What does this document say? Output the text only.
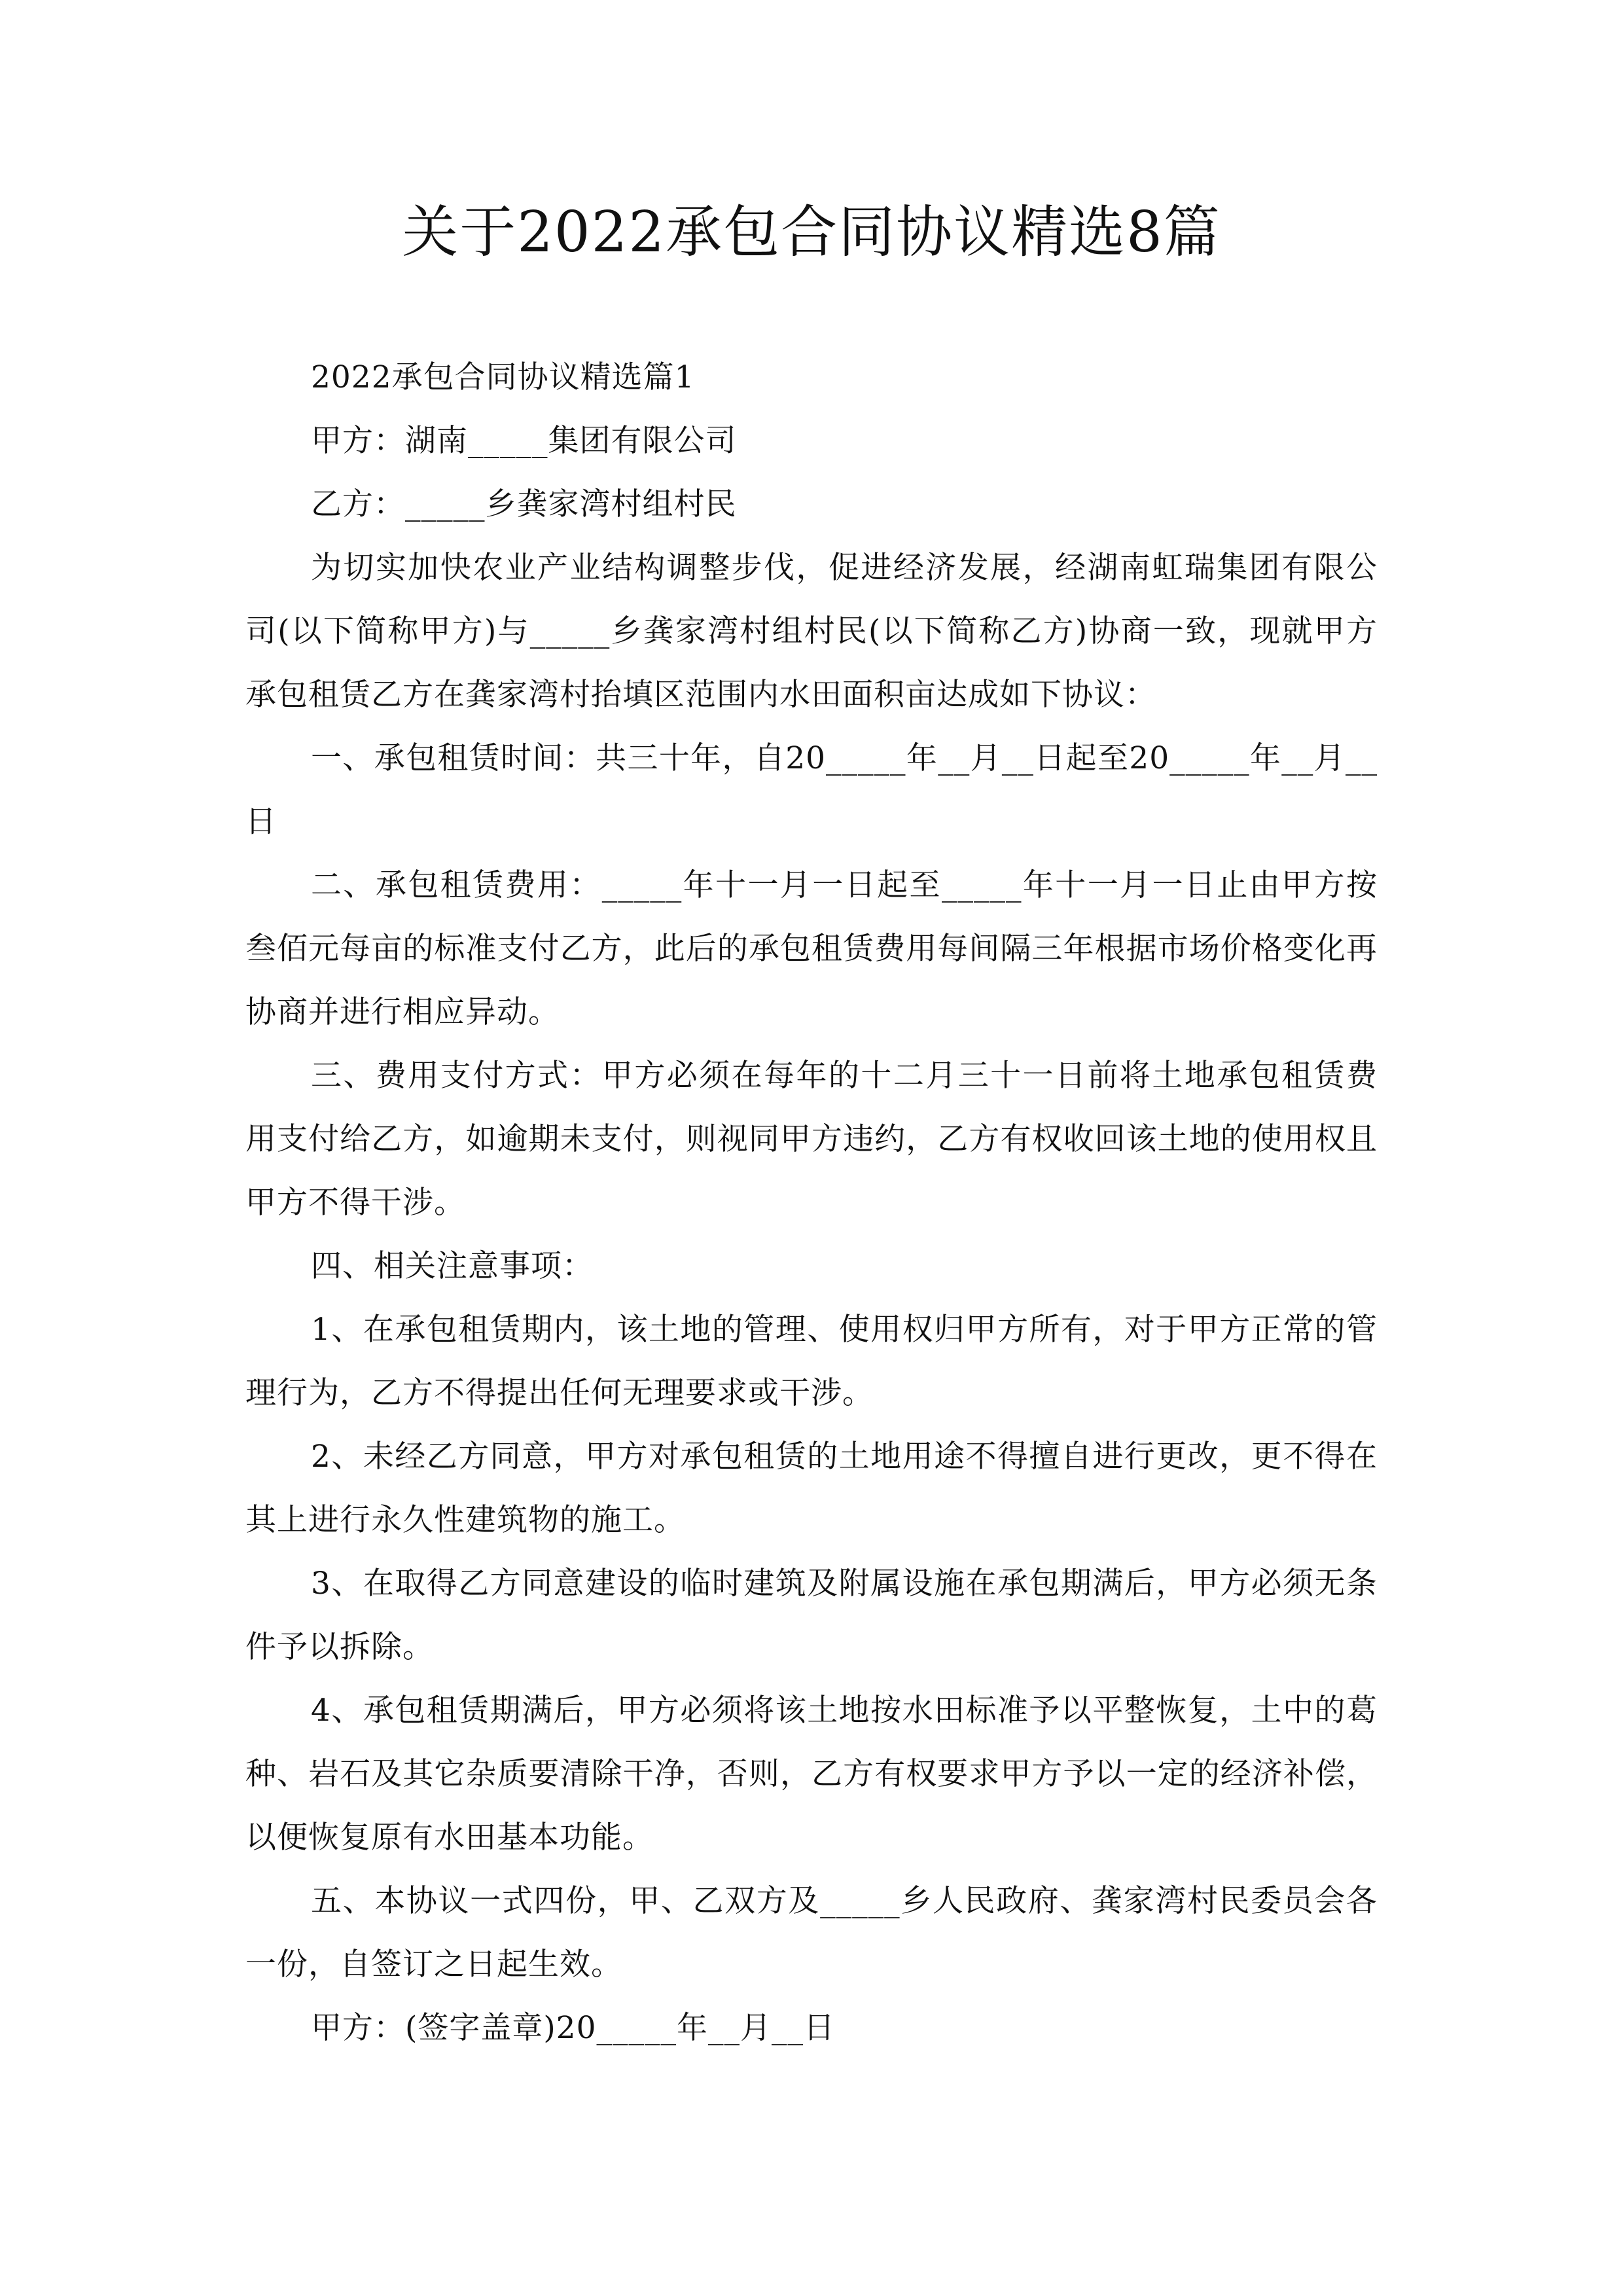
关于2022承包合同协议精选8篇

2022承包合同协议精选篇1

甲方：湖南_____集团有限公司

乙方：_____乡龚家湾村组村民

为切实加快农业产业结构调整步伐，促进经济发展，经湖南虹瑞集团有限公司(以下简称甲方)与_____乡龚家湾村组村民(以下简称乙方)协商一致，现就甲方承包租赁乙方在龚家湾村抬填区范围内水田面积亩达成如下协议：

一、承包租赁时间：共三十年，自20_____年__月__日起至20_____年__月__日

二、承包租赁费用：_____年十一月一日起至_____年十一月一日止由甲方按叁佰元每亩的标准支付乙方，此后的承包租赁费用每间隔三年根据市场价格变化再协商并进行相应异动。

三、费用支付方式：甲方必须在每年的十二月三十一日前将土地承包租赁费用支付给乙方，如逾期未支付，则视同甲方违约，乙方有权收回该土地的使用权且甲方不得干涉。

四、相关注意事项：

1、在承包租赁期内，该土地的管理、使用权归甲方所有，对于甲方正常的管理行为，乙方不得提出任何无理要求或干涉。

2、未经乙方同意，甲方对承包租赁的土地用途不得擅自进行更改，更不得在其上进行永久性建筑物的施工。

3、在取得乙方同意建设的临时建筑及附属设施在承包期满后，甲方必须无条件予以拆除。

4、承包租赁期满后，甲方必须将该土地按水田标准予以平整恢复，土中的葛种、岩石及其它杂质要清除干净，否则，乙方有权要求甲方予以一定的经济补偿，以便恢复原有水田基本功能。

五、本协议一式四份，甲、乙双方及_____乡人民政府、龚家湾村民委员会各一份，自签订之日起生效。

甲方：(签字盖章)20_____年__月__日
